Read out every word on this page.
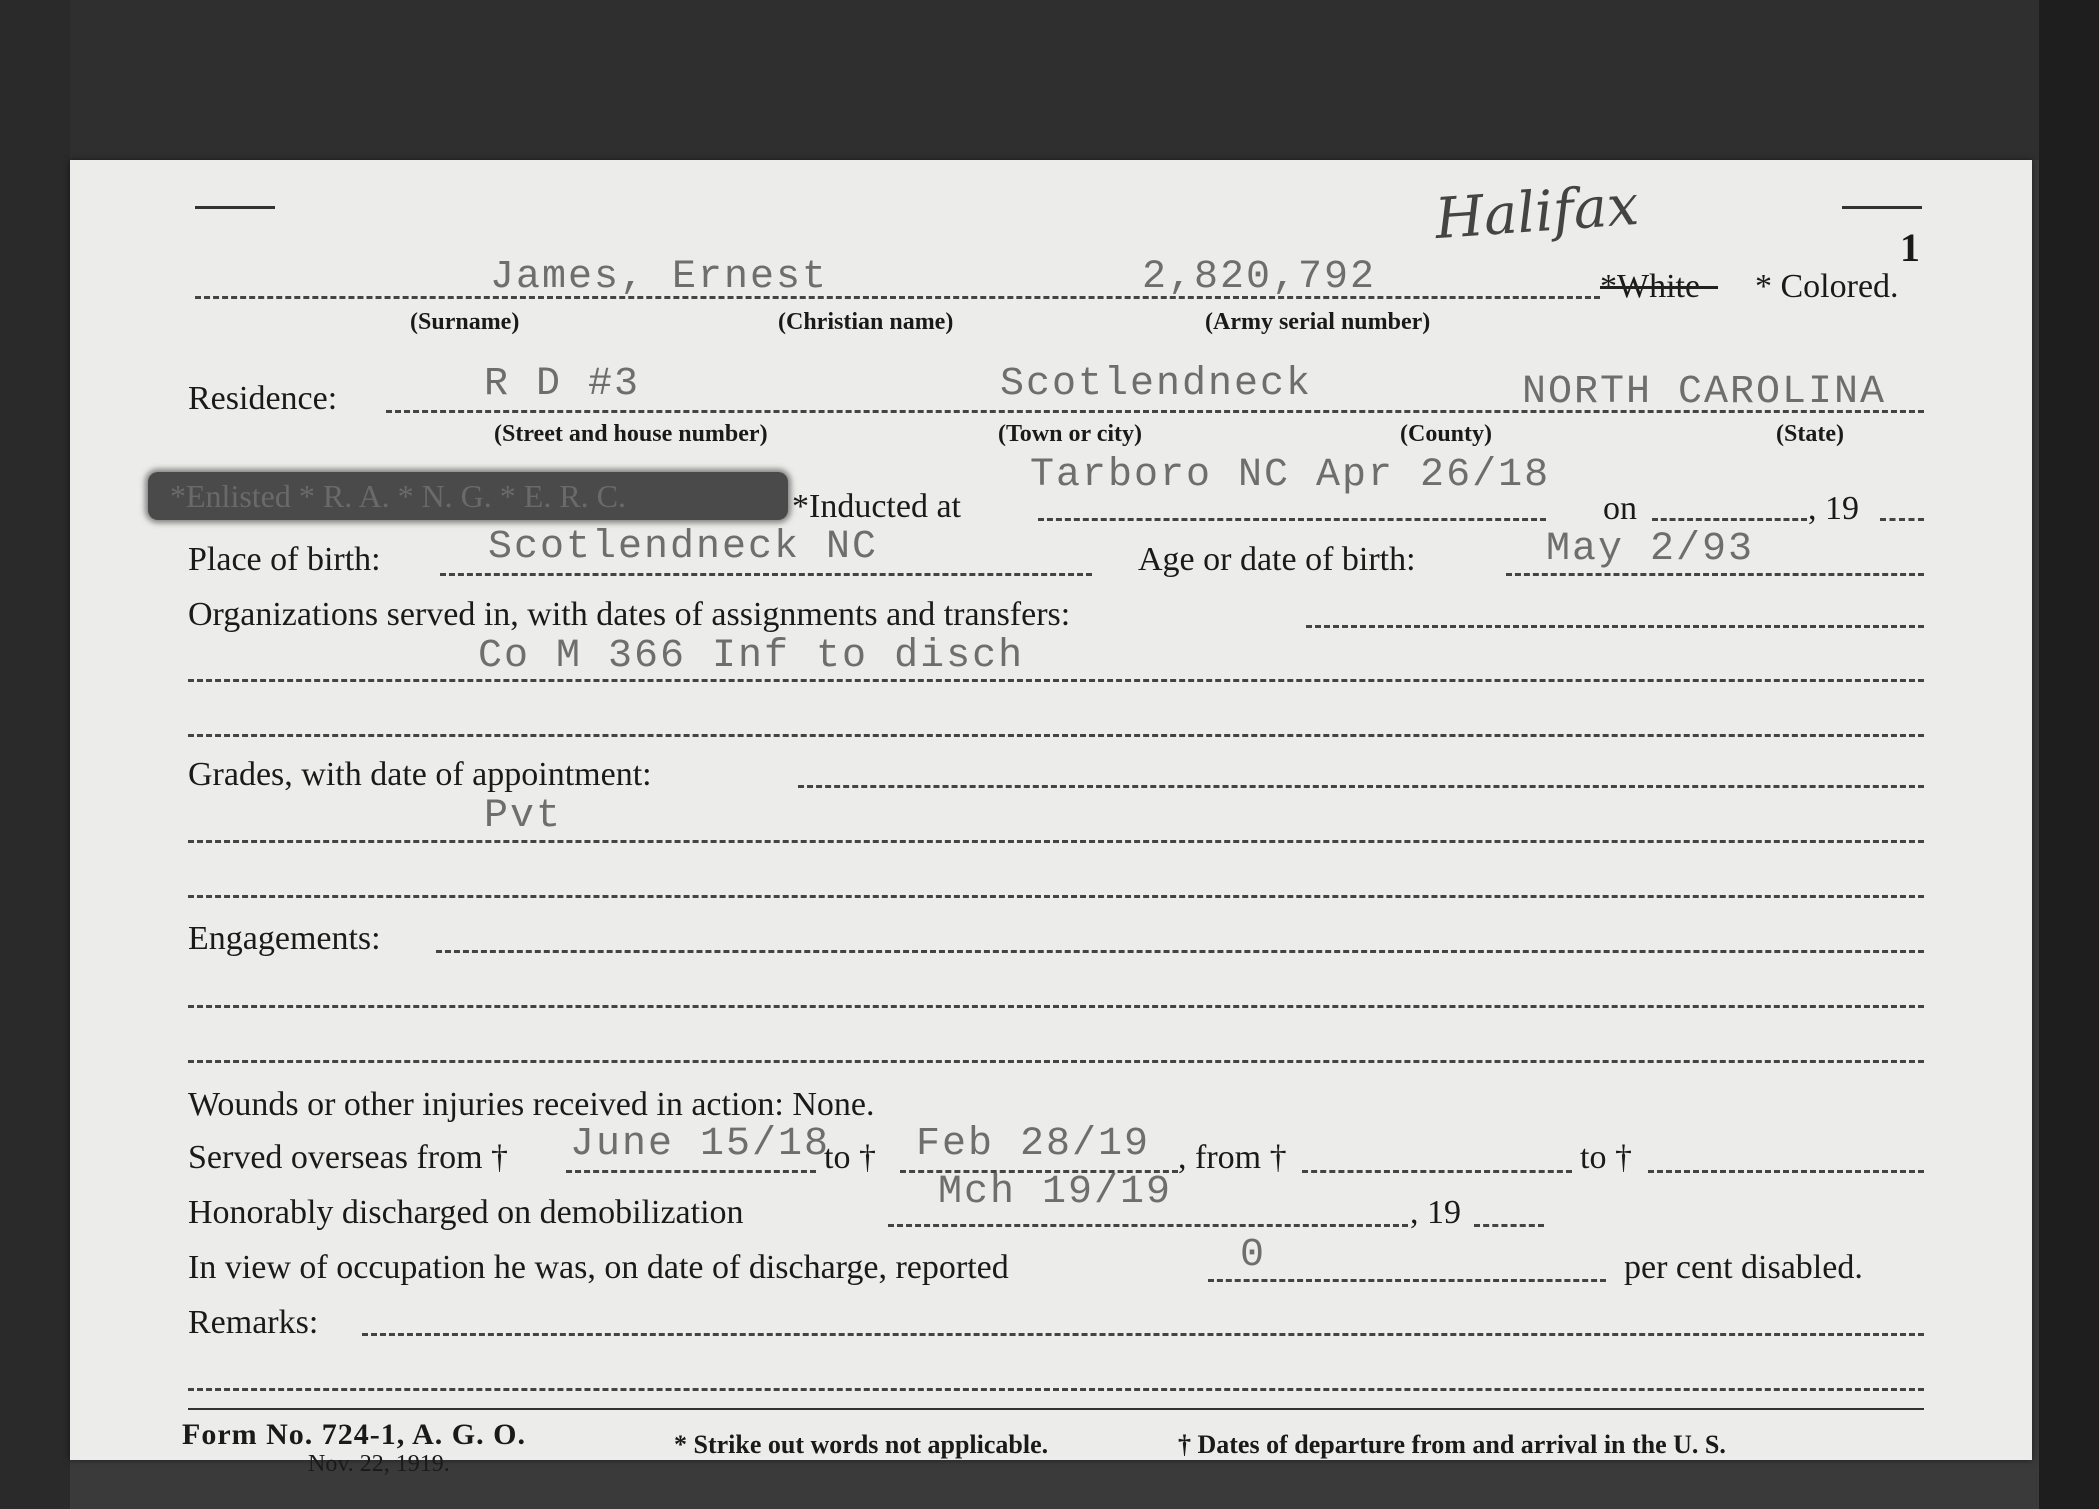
Halifax	1
James, Ernest	2,820,792	*White * Colored.
(Surname)	(Christian name)	(Army serial number)
Residence:	R D #3	Scotlendneck	NORTH CAROLINA
(Street and house number)	(Town or city)	(County)	(State)
*Enlisted * R. A. * N. G. * E. R. C.	*Inducted at
Tarboro NC Apr 26/18
on	, 19
Place of birth:	Scotlendneck NC	Age or date of birth:	May 2/93
Organizations served in, with dates of assignments and transfers:
Co M 366 Inf to disch
Grades, with date of appointment:
Pvt
Engagements:
Wounds or other injuries received in action: None.
Served overseas from † June 15/18
to † Feb 28/19 , from †	to †
Honorably discharged on demobilization	Mch 19/19	, 19
In view of occupation he was, on date of discharge, reported	0	per cent disabled.
Remarks:
Form No. 724-1, A. G. O.
Nov. 22, 1919.
* Strike out words not applicable.	† Dates of departure from and arrival in the U. S.
